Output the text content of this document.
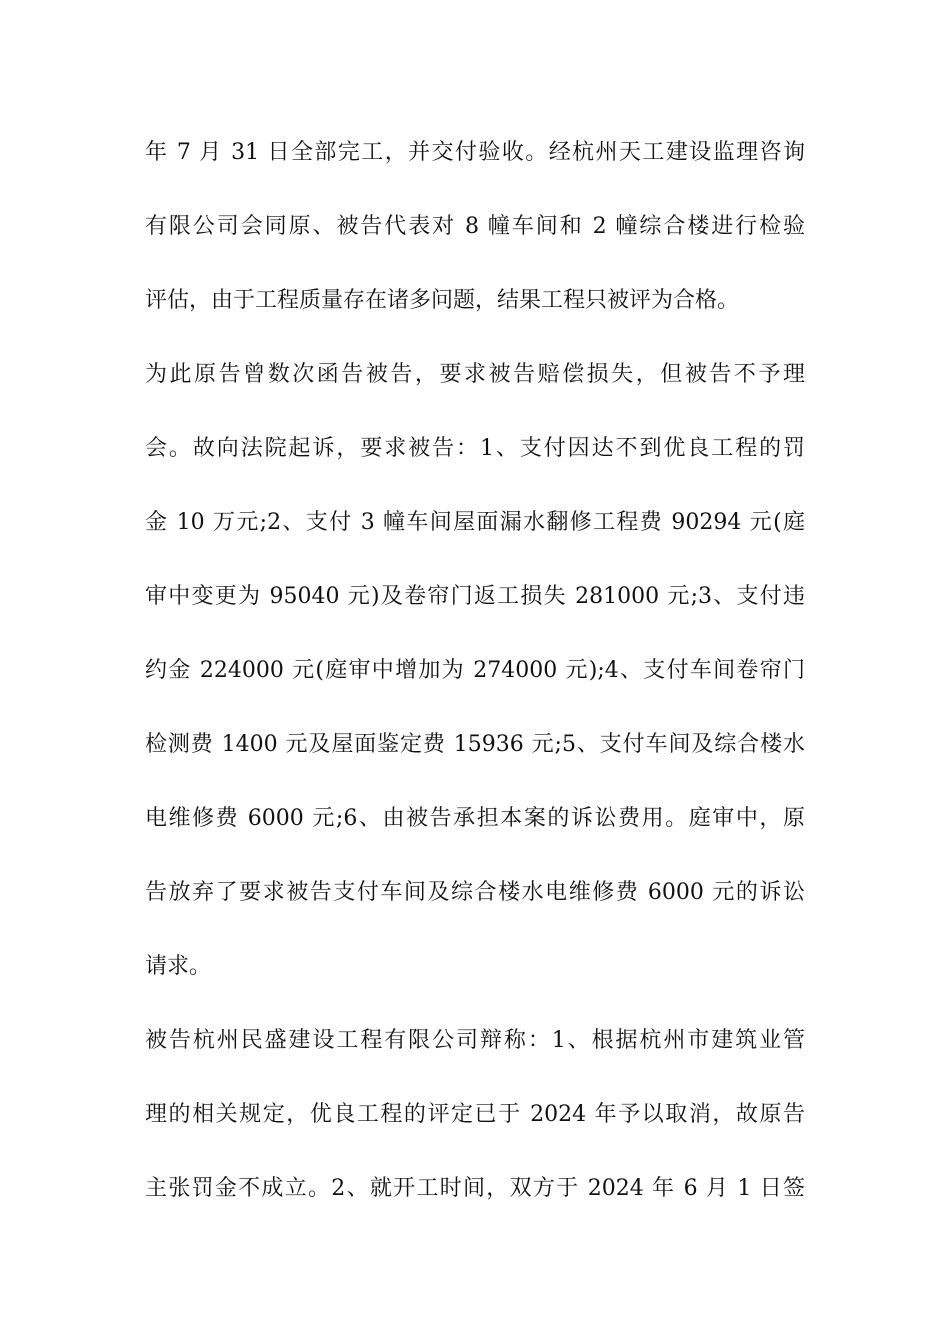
年 7 月 31 日全部完工，并交付验收。经杭州天工建设监理咨询
有限公司会同原、被告代表对 8 幢车间和 2 幢综合楼进行检验
评估，由于工程质量存在诸多问题，结果工程只被评为合格。
为此原告曾数次函告被告，要求被告赔偿损失，但被告不予理
会。故向法院起诉，要求被告：1、支付因达不到优良工程的罚
金 10 万元;2、支付 3 幢车间屋面漏水翻修工程费 90294 元(庭
审中变更为 95040 元)及卷帘门返工损失 281000 元;3、支付违
约金 224000 元(庭审中增加为 274000 元);4、支付车间卷帘门
检测费 1400 元及屋面鉴定费 15936 元;5、支付车间及综合楼水
电维修费 6000 元;6、由被告承担本案的诉讼费用。庭审中，原
告放弃了要求被告支付车间及综合楼水电维修费 6000 元的诉讼
请求。
被告杭州民盛建设工程有限公司辩称：1、根据杭州市建筑业管
理的相关规定，优良工程的评定已于 2024 年予以取消，故原告
主张罚金不成立。2、就开工时间，双方于 2024 年 6 月 1 日签
